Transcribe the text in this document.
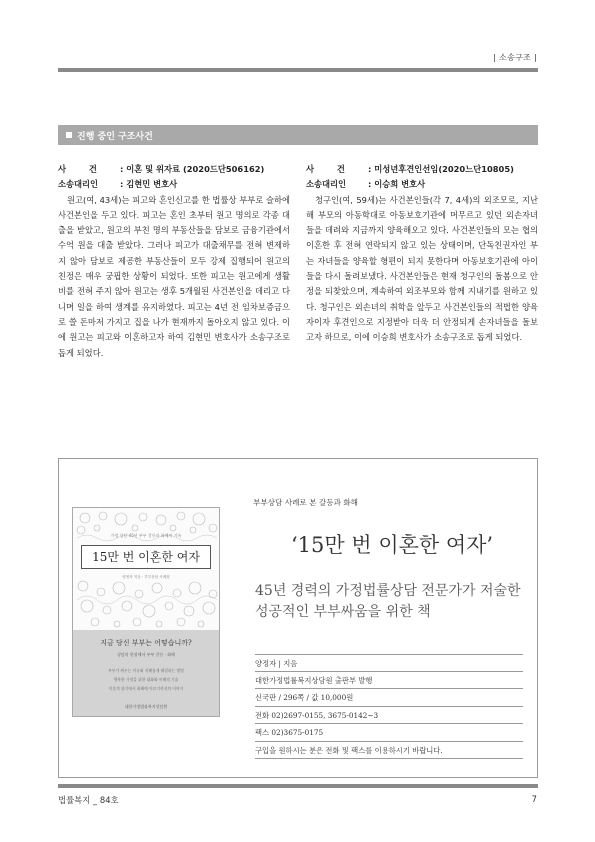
| 소송구조 |
진행 중인 구조사건
사 건 : 이혼 및 위자료 (2020드단506162)
소송대리인	: 김현민 변호사

원고(여, 43세)는 피고와 혼인신고를 한 법률상 부부로 슬하에 사건본인을 두고 있다. 피고는 혼인 초부터 원고 명의로 각종 대출을 받았고, 원고의 부친 명의 부동산들을 담보로 금융기관에서 수억 원을 대출 받았다. 그러나 피고가 대출채무를 전혀 변제하지 않아 담보로 제공한 부동산들이 모두 강제 집행되어 원고의 친정은 매우 궁핍한 상황이 되었다. 또한 피고는 원고에게 생활비를 전혀 주지 않아 원고는 생후 5개월된 사건본인을 데리고 다니며 일을 하여 생계를 유지하였다. 피고는 4년 전 임차보증금으로 쓸 돈마저 가지고 집을 나가 현재까지 돌아오지 않고 있다. 이에 원고는 피고와 이혼하고자 하여 김현민 변호사가 소송구조로 돕게 되었다.

사 건 : 미성년후견인선임(2020느단10805)
소송대리인	: 이승희 변호사

청구인(여, 59세)는 사건본인들(각 7, 4세)의 외조모로, 지난해 부모의 아동학대로 아동보호기관에 머무르고 있던 외손자녀들을 데려와 지금까지 양육해오고 있다. 사건본인들의 모는 협의이혼한 후 전혀 연락되지 않고 있는 상태이며, 단독친권자인 부는 자녀들을 양육할 형편이 되지 못한다며 아동보호기관에 아이들을 다시 돌려보냈다. 사건본인들은 현재 청구인의 돌봄으로 안정을 되찾았으며, 계속하여 외조부모와 함께 지내기를 원하고 있다. 청구인은 외손녀의 취학을 앞두고 사건본인들의 적법한 양육자이자 후견인으로 지정받아 더욱 더 안정되게 손자녀들을 돌보고자 하므로, 이에 이승희 변호사가 소송구조로 돕게 되었다.

가정 상담 45년 부부 갈등과 화해의 기록
15만 번 이혼한 여자
양정자 지음 · 부부상담 사례집
지금 당신 부부는 어떻습니까?
상담의 현장에서 부부 갈등 · 화해
부부가 싸우는 이유와 지혜롭게 해결하는 방법
행복한 가정을 위한 대화와 이해의 기술
이혼의 위기에서 화해에 이르기까지의 이야기
대한가정법률복지상담원
부부상담 사례로 본 갈등과 화해
‘15만 번 이혼한 여자’
45년 경력의 가정법률상담 전문가가 저술한
성공적인 부부싸움을 위한 책
양정자 | 지음
대한가정법률복지상담원 출판부 발행
신국판 / 296쪽 / 값 10,000원
전화 02)2697-0155, 3675-0142~3
팩스 02)3675-0175
구입을 원하시는 분은 전화 및 팩스를 이용하시기 바랍니다.
법률복지 _ 84호	7
